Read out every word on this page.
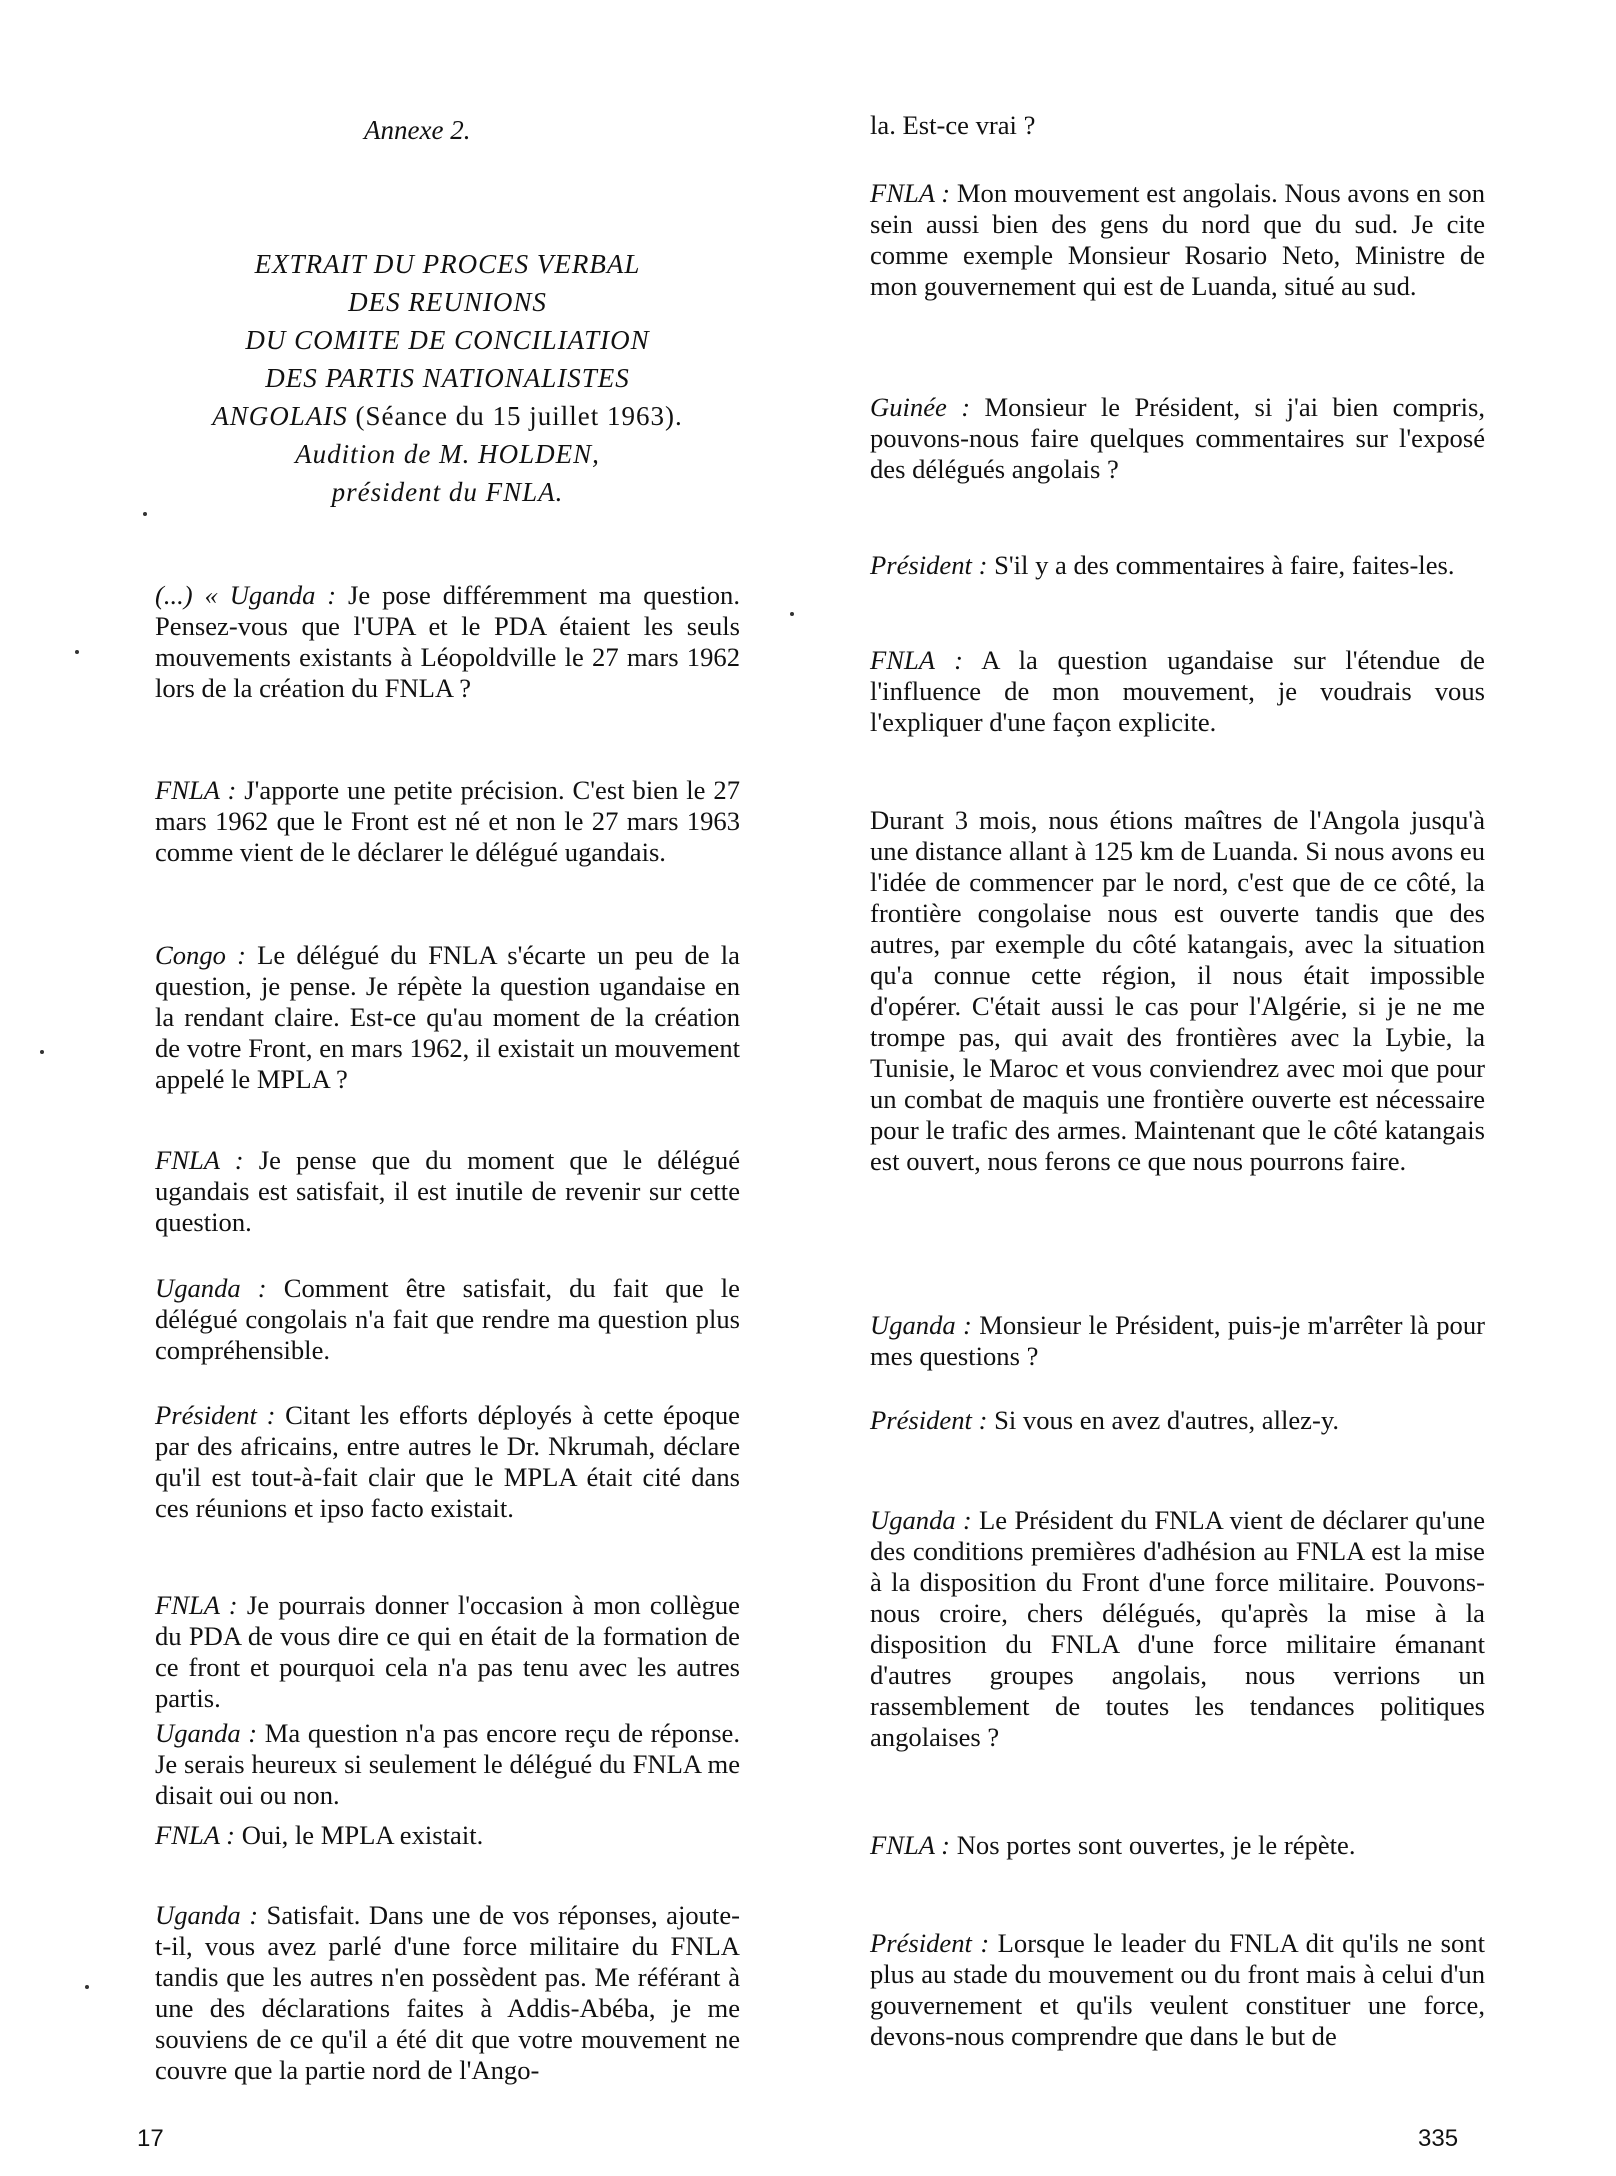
Annexe 2.
EXTRAIT DU PROCES VERBAL
DES REUNIONS
DU COMITE DE CONCILIATION
DES PARTIS NATIONALISTES
ANGOLAIS (Séance du 15 juillet 1963).
Audition de M. HOLDEN,
président du FNLA.

(...) « Uganda : Je pose différemment ma question. Pensez-vous que l'UPA et le PDA étaient les seuls mouvements existants à Léopoldville le 27 mars 1962 lors de la création du FNLA ?

FNLA : J'apporte une petite précision. C'est bien le 27 mars 1962 que le Front est né et non le 27 mars 1963 comme vient de le déclarer le délégué ugandais.

Congo : Le délégué du FNLA s'écarte un peu de la question, je pense. Je répète la question ugandaise en la rendant claire. Est-ce qu'au moment de la création de votre Front, en mars 1962, il existait un mouvement appelé le MPLA ?

FNLA : Je pense que du moment que le délégué ugandais est satisfait, il est inutile de revenir sur cette question.

Uganda : Comment être satisfait, du fait que le délégué congolais n'a fait que rendre ma question plus compréhensible.

Président : Citant les efforts déployés à cette époque par des africains, entre autres le Dr. Nkrumah, déclare qu'il est tout-à-fait clair que le MPLA était cité dans ces réunions et ipso facto existait.

FNLA : Je pourrais donner l'occasion à mon collègue du PDA de vous dire ce qui en était de la formation de ce front et pourquoi cela n'a pas tenu avec les autres partis.

Uganda : Ma question n'a pas encore reçu de réponse. Je serais heureux si seulement le délégué du FNLA me disait oui ou non.

FNLA : Oui, le MPLA existait.

Uganda : Satisfait. Dans une de vos réponses, ajoute-t-il, vous avez parlé d'une force militaire du FNLA tandis que les autres n'en possèdent pas. Me référant à une des déclarations faites à Addis-Abéba, je me souviens de ce qu'il a été dit que votre mouvement ne couvre que la partie nord de l'Ango-

la. Est-ce vrai ?

FNLA : Mon mouvement est angolais. Nous avons en son sein aussi bien des gens du nord que du sud. Je cite comme exemple Monsieur Rosario Neto, Ministre de mon gouvernement qui est de Luanda, situé au sud.

Guinée : Monsieur le Président, si j'ai bien compris, pouvons-nous faire quelques commentaires sur l'exposé des délégués angolais ?

Président : S'il y a des commentaires à faire, faites-les.

FNLA : A la question ugandaise sur l'étendue de l'influence de mon mouvement, je voudrais vous l'expliquer d'une façon explicite.

Durant 3 mois, nous étions maîtres de l'Angola jusqu'à une distance allant à 125 km de Luanda. Si nous avons eu l'idée de commencer par le nord, c'est que de ce côté, la frontière congolaise nous est ouverte tandis que des autres, par exemple du côté katangais, avec la situation qu'a connue cette région, il nous était impossible d'opérer. C'était aussi le cas pour l'Algérie, si je ne me trompe pas, qui avait des frontières avec la Lybie, la Tunisie, le Maroc et vous conviendrez avec moi que pour un combat de maquis une frontière ouverte est nécessaire pour le trafic des armes. Maintenant que le côté katangais est ouvert, nous ferons ce que nous pourrons faire.

Uganda : Monsieur le Président, puis-je m'arrêter là pour mes questions ?

Président : Si vous en avez d'autres, allez-y.

Uganda : Le Président du FNLA vient de déclarer qu'une des conditions premières d'adhésion au FNLA est la mise à la disposition du Front d'une force militaire. Pouvons-nous croire, chers délégués, qu'après la mise à la disposition du FNLA d'une force militaire émanant d'autres groupes angolais, nous verrions un rassemblement de toutes les tendances politiques angolaises ?

FNLA : Nos portes sont ouvertes, je le répète.

Président : Lorsque le leader du FNLA dit qu'ils ne sont plus au stade du mouvement ou du front mais à celui d'un gouvernement et qu'ils veulent constituer une force, devons-nous comprendre que dans le but de

17	335
